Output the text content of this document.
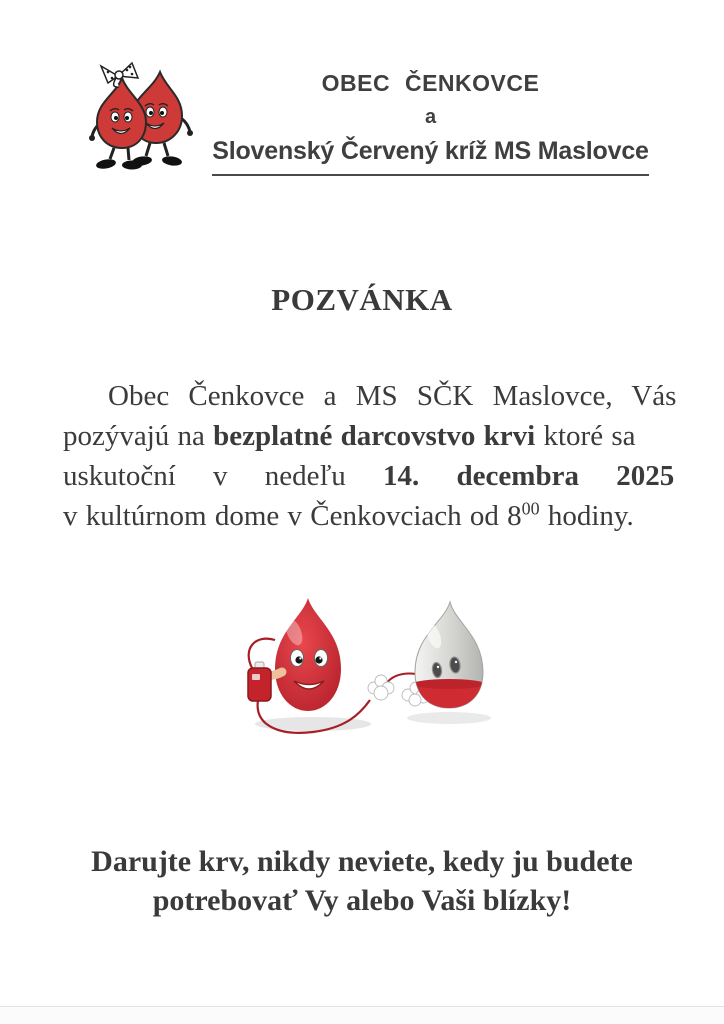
OBEC ČENKOVCE
a
Slovenský Červený kríž MS Maslovce
POZVÁNKA
Obec Čenkovce a MS SČK Maslovce, Vás
pozývajú na bezplatné darcovstvo krvi ktoré sa
uskutoční v nedeľu 14. decembra 2025
v kultúrnom dome v Čenkovciach od $8^{00}$ hodiny.
Darujte krv, nikdy neviete, kedy ju budete
potrebovať Vy alebo Vaši blízky!
